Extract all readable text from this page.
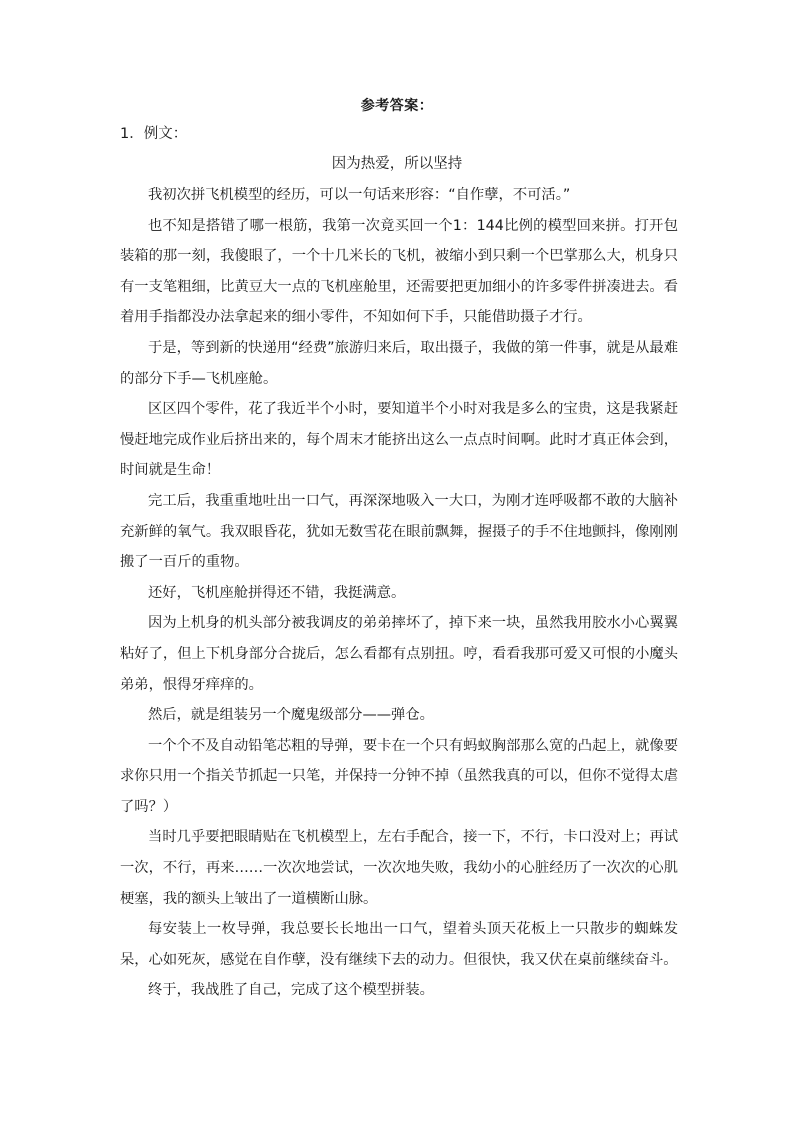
参考答案：
1．例文：
因为热爱，所以坚持

我初次拼飞机模型的经历，可以一句话来形容：“自作孽，不可活。”

也不知是搭错了哪一根筋，我第一次竟买回一个1：144比例的模型回来拼。打开包装箱的那一刻，我傻眼了，一个十几米长的飞机，被缩小到只剩一个巴掌那么大，机身只有一支笔粗细，比黄豆大一点的飞机座舱里，还需要把更加细小的许多零件拼凑进去。看着用手指都没办法拿起来的细小零件，不知如何下手，只能借助摄子才行。

于是，等到新的快递用“经费”旅游归来后，取出摄子，我做的第一件事，就是从最难的部分下手—飞机座舱。

区区四个零件，花了我近半个小时，要知道半个小时对我是多么的宝贵，这是我紧赶慢赶地完成作业后挤出来的，每个周末才能挤出这么一点点时间啊。此时才真正体会到，时间就是生命！

完工后，我重重地吐出一口气，再深深地吸入一大口，为刚才连呼吸都不敢的大脑补充新鲜的氧气。我双眼昏花，犹如无数雪花在眼前飘舞，握摄子的手不住地颤抖，像刚刚搬了一百斤的重物。

还好，飞机座舱拼得还不错，我挺满意。

因为上机身的机头部分被我调皮的弟弟摔坏了，掉下来一块，虽然我用胶水小心翼翼粘好了，但上下机身部分合拢后，怎么看都有点别扭。哼，看看我那可爱又可恨的小魔头弟弟，恨得牙痒痒的。

然后，就是组装另一个魔鬼级部分——弹仓。

一个个不及自动铅笔芯粗的导弹，要卡在一个只有蚂蚁胸部那么宽的凸起上，就像要求你只用一个指关节抓起一只笔，并保持一分钟不掉（虽然我真的可以，但你不觉得太虐了吗？）

当时几乎要把眼睛贴在飞机模型上，左右手配合，接一下，不行，卡口没对上；再试一次，不行，再来……一次次地尝试，一次次地失败，我幼小的心脏经历了一次次的心肌梗塞，我的额头上皱出了一道横断山脉。

每安装上一枚导弹，我总要长长地出一口气，望着头顶天花板上一只散步的蜘蛛发呆，心如死灰，感觉在自作孽，没有继续下去的动力。但很快，我又伏在桌前继续奋斗。

终于，我战胜了自己，完成了这个模型拼装。
